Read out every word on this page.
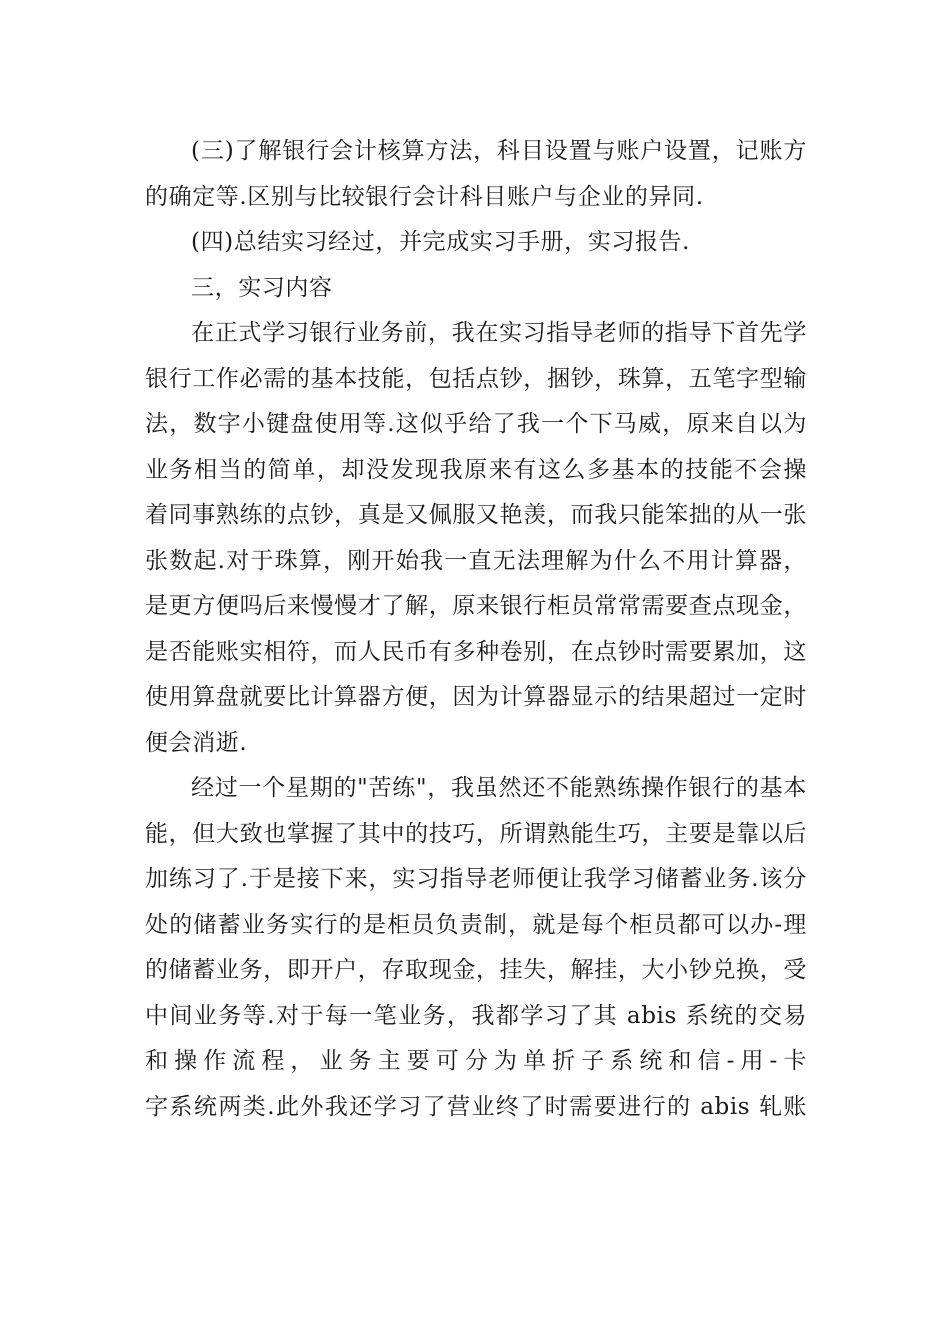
(三)了解银行会计核算方法，科目设置与账户设置，记账方
的确定等.区别与比较银行会计科目账户与企业的异同.
(四)总结实习经过，并完成实习手册，实习报告.
三，实习内容
在正式学习银行业务前，我在实习指导老师的指导下首先学
银行工作必需的基本技能，包括点钞，捆钞，珠算，五笔字型输
法，数字小键盘使用等.这似乎给了我一个下马威，原来自以为
业务相当的简单，却没发现我原来有这么多基本的技能不会操
着同事熟练的点钞，真是又佩服又艳羡，而我只能笨拙的从一张
张数起.对于珠算，刚开始我一直无法理解为什么不用计算器，
是更方便吗后来慢慢才了解，原来银行柜员常常需要查点现金，
是否能账实相符，而人民币有多种卷别，在点钞时需要累加，这
使用算盘就要比计算器方便，因为计算器显示的结果超过一定时
便会消逝.
经过一个星期的"苦练"，我虽然还不能熟练操作银行的基本
能，但大致也掌握了其中的技巧，所谓熟能生巧，主要是靠以后
加练习了.于是接下来，实习指导老师便让我学习储蓄业务.该分
处的储蓄业务实行的是柜员负责制，就是每个柜员都可以办-理
的储蓄业务，即开户，存取现金，挂失，解挂，大小钞兑换，受
中间业务等.对于每一笔业务，我都学习了其 abis 系统的交易
和操作流程，业务主要可分为单折子系统和信-用-卡
字系统两类.此外我还学习了营业终了时需要进行的 abis 轧账
